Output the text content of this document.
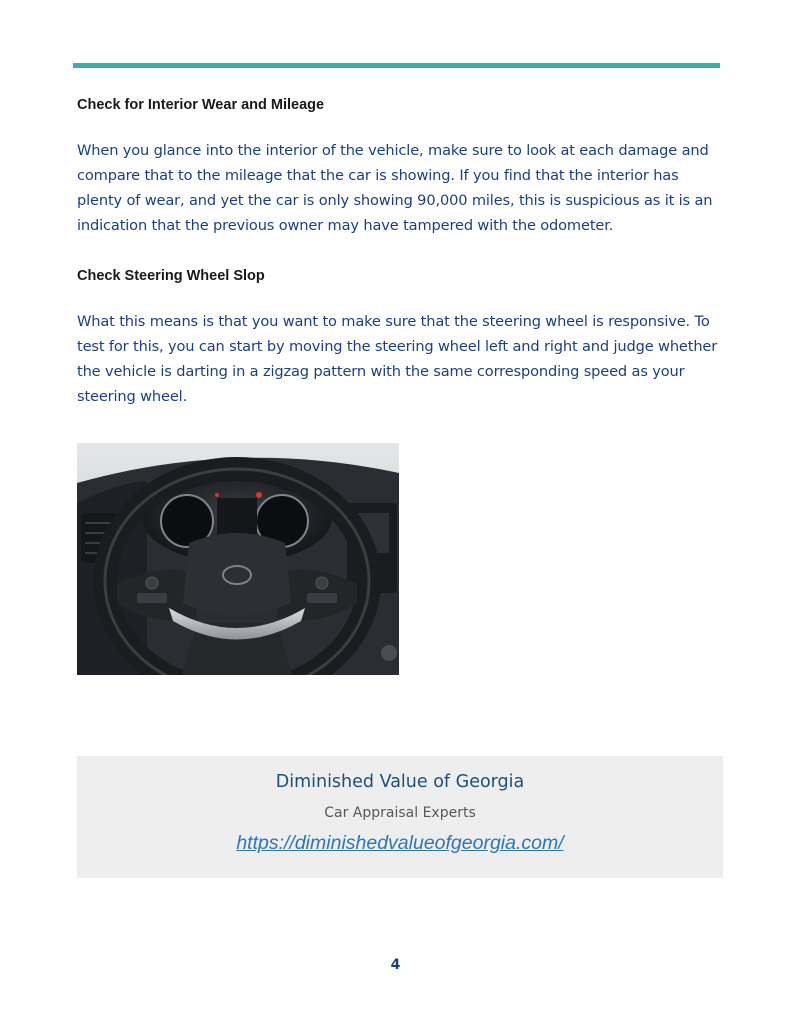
Check for Interior Wear and Mileage

When you glance into the interior of the vehicle, make sure to look at each damage and compare that to the mileage that the car is showing. If you find that the interior has plenty of wear, and yet the car is only showing 90,000 miles, this is suspicious as it is an indication that the previous owner may have tampered with the odometer.

Check Steering Wheel Slop

What this means is that you want to make sure that the steering wheel is responsive. To test for this, you can start by moving the steering wheel left and right and judge whether the vehicle is darting in a zigzag pattern with the same corresponding speed as your steering wheel.

Diminished Value of Georgia
Car Appraisal Experts
https://diminishedvalueofgeorgia.com/
4
